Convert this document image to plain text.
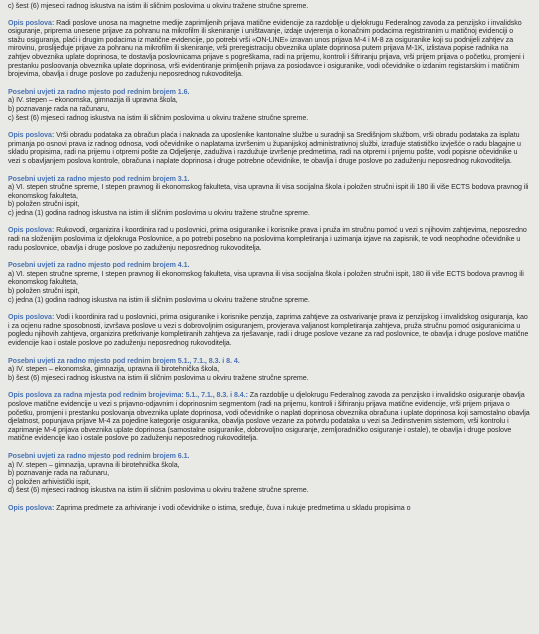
c) šest (6) mjeseci radnog iskustva na istim ili sličnim poslovima u okviru tražene stručne spreme.

Opis poslova: Radi poslove unosa na magnetne medije zaprimljenih prijava matične evidencije za razdoblje u djelokrugu Federalnog zavoda za penzijsko i invalidsko osiguranje, priprema unesene prijave za pohranu na mikrofilm ili skeniranje i uništavanje, izdaje uvjerenja o konačnim podacima registriranim u matičnoj evidenciji o stažu osiguranja, plaći i drugim podacima iz matične evidencije, po potrebi vrši «ON-LINE» izravan unos prijava M-4 i M-8 za osiguranike koji su podnijeli zahtjev za mirovinu, proslijeđuje prijave za pohranu na mikrofilm ili skeniranje, vrši preregistraciju obveznika uplate doprinosa putem prijava M-1K, izlistava popise radnika na zahtjev obveznika uplate doprinosa, te dostavlja poslovnicama prijave s pogreškama, radi na prijemu, kontroli i šifriranju prijava, vrši prijem prijava o početku, promjeni i prestanku posloovanja obveznika uplate doprinosa, vrši evidentiranje primljenih prijava za posiodavce i osiguranike, vodi očevidnike o izdanim registarskim i matičnim brojevima, obavlja i druge poslove po zaduženju neposrednog rukovoditelja.

Posebni uvjeti za radno mjesto pod rednim brojem 1.6.

a) IV. stepen – ekonomska, gimnazija ili upravna škola,

b) poznavanje rada na računaru,

c) šest (6) mjeseci radnog iskustva na istim ili sličnim poslovima u okviru tražene stručne spreme.

Opis poslova: Vrši obradu podataka za obračun plaća i naknada za uposlenike kantonalne službe u suradnji sa Središnjom službom, vrši obradu podataka za isplatu primanja po osnovi prava iz radnog odnosa, vodi očevidnike o naplatama izvršenim u županijskoj administrativnoj službi, izrađuje statističko izvješće o radu blagajne u skladu propisima, radi na prijemu i otpremi pošte za Odjeljenje, zaduživa i razdužuje izvršenje predmetima, radi na otpremi i prijemu pošte, vodi popisne očevidnike u vezi s obavljanjem poslova kontrole, obračuna i naplate doprinosa i druge potrebne očevidnike, te obavlja i druge poslove po zaduženju neposrednog rukovoditelja.

Posebni uvjeti za radno mjesto pod rednim brojem 3.1.

a) VI. stepen stručne spreme, I stepen pravnog ili ekonomskog fakulteta, visa upravna ili visa socijalna škola i položen stručni ispit ili 180 ili više ECTS bodova pravnog ili ekonomskog fakulteta,

b) položen stručni ispit,

c) jedna (1) godina radnog iskustva na istim ili sličnim poslovima u okviru tražene stručne spreme.

Opis poslova: Rukovodi, organizira i koordinira rad u poslovnici, prima osiguranike i korisnike prava i pruža im stručnu pomoć u vezi s njihovim zahtjevima, neposredno radi na složenijim poslovima iz djelokruga Poslovnice, a po potrebi posebno na poslovima kompletiranja i uzimanja izjave na zapisnik, te vodi neophodne očevidnike u radu poslovnice, obavlja i druge poslove po zaduženju neposrednog rukovoditelja.

Posebni uvjeti za radno mjesto pod rednim brojem 4.1.

a) VI. stepen stručne spreme, I stepen pravnog ili ekonomskog fakulteta, visa upravna ili visa socijalna škola i položen stručni ispit, 180 ili više ECTS bodova pravnog ili ekonomskog fakulteta,

b) položen stručni ispit,

c) jedna (1) godina radnog iskustva na istim ili sličnim poslovima u okviru tražene stručne spreme.

Opis poslova: Vodi i koordinira rad u poslovnici, prima osiguranike i korisnike penzija, zaprima zahtjeve za ostvarivanje prava iz penzijskog i invalidskog osiguranja, kao i za ocjenu radne sposobnosti, izvršava poslove u vezi s dobrovoljnim osiguranjem, provjerava valjanost kompletiranja zahtjeva, pruža stručnu pomoć osiguranicima u pogledu njihovih zahtjeva, organizira pretkrivanje kompletiranih zahtjeva za rješavanje, radi i druge poslove vezane za rad poslovnice, te obavlja i druge poslove matične evidencije kao i ostale poslove po zaduženju neposrednog rukovoditelja.

Posebni uvjeti za radno mjesto pod rednim brojem 5.1., 7.1., 8.3. i 8. 4.

a) IV. stepen – ekonomska, gimnazija, upravna ili birotehnička škola,

b) šest (6) mjeseci radnog iskustva na istim ili sličnim poslovima u okviru tražene stručne spreme.

Opis poslova za radna mjesta pod rednim brojevima: 5.1., 7.1., 8.3. i 8.4.: Za razdoblje u djelokrugu Federalnog zavoda za penzijsko i invalidsko osiguranje obavlja poslove matične evidencije u vezi s prijavno-odjavnim i doprinosnim segmentom (radi na prijemu, kontroli i šifriranju prijava matične evidencije, vrši prijem prijava o početku, promjeni i prestanku poslovanja obveznika uplate doprinosa, vodi očevidnike o naplati doprinosa obveznika obračuna i uplate doprinosa koji samostalno obavlja djelatnost, popunjava prijave M-4 za pojedine kategorije osiguranika, obavlja poslove vezane za potvrdu podataka u vezi sa Jedinstvenim sistemom, vrši kontrolu i zaprimanje M-4 prijava obveznika uplate doprinosa (samostalne osiguranike, dobrovoljno osiguranje, zemljoradničko osiguranje i ostale), te obavlja i druge poslove matične evidencije kao i ostale poslove po zaduženju neposrednog rukovoditelja.

Posebni uvjeti za radno mjesto pod rednim brojem 6.1.

a) IV. stepen – gimnazija, upravna ili birotehnička škola,

b) poznavanje rada na računaru,

c) položen arhivistički ispit,

d) šest (6) mjeseci radnog iskustva na istim ili sličnim poslovima u okviru tražene stručne spreme.

Opis poslova: Zaprima predmete za arhiviranje i vodi očevidnike o istima, sređuje, čuva i rukuje predmetima u skladu propisima o
